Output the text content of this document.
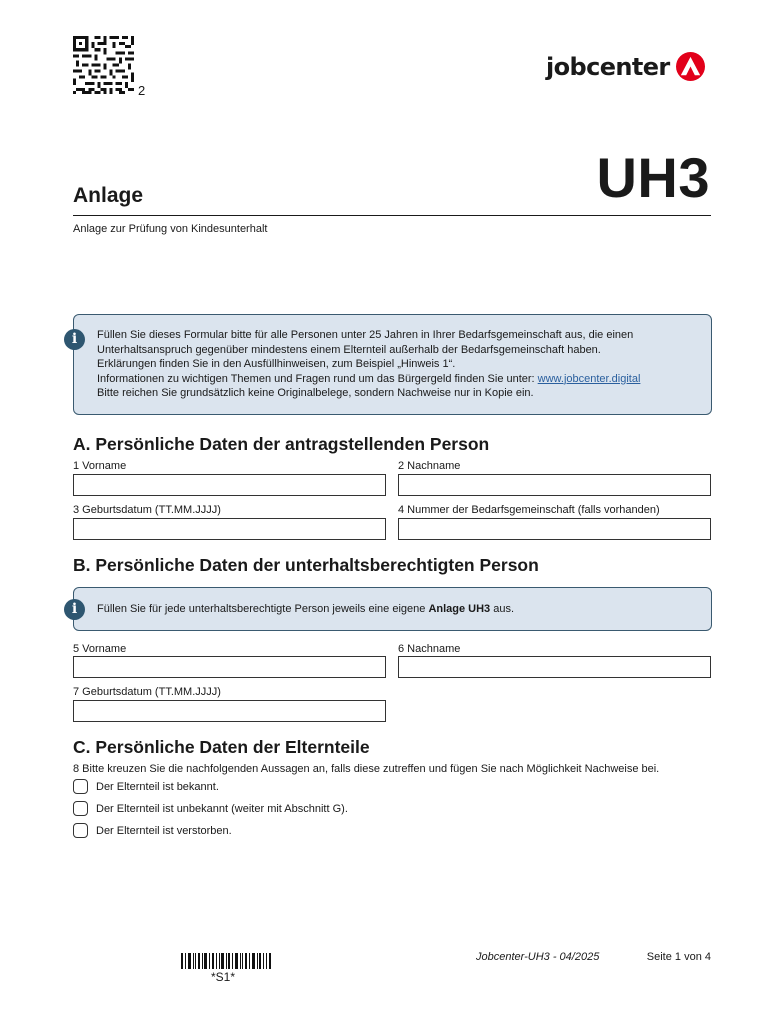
2
jobcenter
UH3
Anlage
Anlage zur Prüfung von Kindesunterhalt
i	Füllen Sie dieses Formular bitte für alle Personen unter 25 Jahren in Ihrer Bedarfsgemeinschaft aus, die einen
Unterhaltsanspruch gegenüber mindestens einem Elternteil außerhalb der Bedarfsgemeinschaft haben.
Erklärungen finden Sie in den Ausfüllhinweisen, zum Beispiel „Hinweis 1“.
Informationen zu wichtigen Themen und Fragen rund um das Bürgergeld finden Sie unter: www.jobcenter.digital
Bitte reichen Sie grundsätzlich keine Originalbelege, sondern Nachweise nur in Kopie ein.
A. Persönliche Daten der antragstellenden Person
1 Vorname	2 Nachname
3 Geburtsdatum (TT.MM.JJJJ)	4 Nummer der Bedarfsgemeinschaft (falls vorhanden)
B. Persönliche Daten der unterhaltsberechtigten Person
i	Füllen Sie für jede unterhaltsberechtigte Person jeweils eine eigene Anlage UH3 aus.
5 Vorname	6 Nachname
7 Geburtsdatum (TT.MM.JJJJ)
C. Persönliche Daten der Elternteile
8 Bitte kreuzen Sie die nachfolgenden Aussagen an, falls diese zutreffen und fügen Sie nach Möglichkeit Nachweise bei.
Der Elternteil ist bekannt.
Der Elternteil ist unbekannt (weiter mit Abschnitt G).
Der Elternteil ist verstorben.
*S1*
Jobcenter-UH3 - 04/2025	Seite 1 von 4
